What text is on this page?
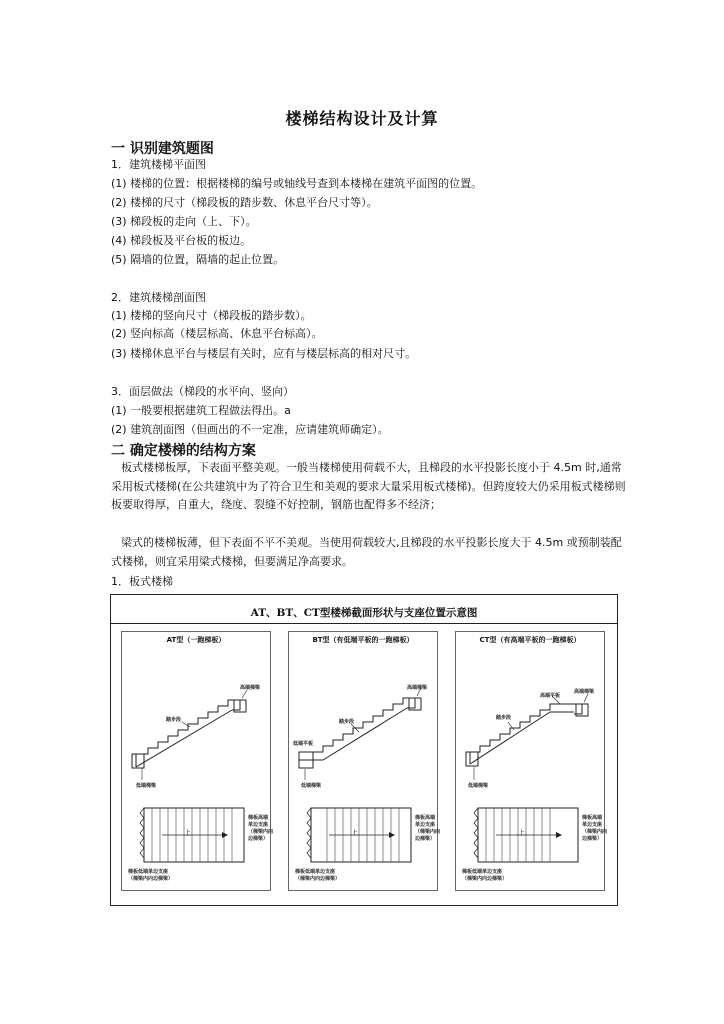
楼梯结构设计及计算
一 识别建筑题图
1．建筑楼梯平面图
(1) 楼梯的位置：根据楼梯的编号或轴线号查到本楼梯在建筑平面图的位置。
(2) 楼梯的尺寸（梯段板的踏步数、休息平台尺寸等）。
(3) 梯段板的走向（上、下）。
(4) 梯段板及平台板的板边。
(5) 隔墙的位置，隔墙的起止位置。
2．建筑楼梯剖面图
(1) 楼梯的竖向尺寸（梯段板的踏步数）。
(2) 竖向标高（楼层标高、休息平台标高）。
(3) 楼梯休息平台与楼层有关时，应有与楼层标高的相对尺寸。
3．面层做法（梯段的水平向、竖向）
(1) 一般要根据建筑工程做法得出。a
(2) 建筑剖面图（但画出的不一定准，应请建筑师确定）。
二 确定楼梯的结构方案
板式楼梯板厚，下表面平整美观。一般当楼梯使用荷载不大，且梯段的水平投影长度小于 4.5m 时,通常采用板式楼梯(在公共建筑中为了符合卫生和美观的要求大量采用板式楼梯)。但跨度较大仍采用板式楼梯则板要取得厚，自重大，绕度、裂缝不好控制，钢筋也配得多不经济；
梁式的楼梯板薄，但下表面不平不美观。当使用荷载较大,且梯段的水平投影长度大于 4.5m 或预制装配式楼梯，则宜采用梁式楼梯，但要满足净高要求。
1．板式楼梯
AT、BT、CT型楼梯截面形状与支座位置示意图
AT型（一跑梯板）
高端梯梁
踏步段
低端梯梁
上
梯板高端
单边支座
（梯梁内向
边梯梁）
梯板低端单边支座
（梯梁内向边梯梁）
BT型（有低端平板的一跑梯板）
高端梯梁
踏步段
低端平板
低端梯梁
上
梯板高端
单边支座
（梯梁内向
边梯梁）
梯板低端单边支座
（梯梁内向边梯梁）
CT型（有高端平板的一跑梯板）
高端梯梁
高端平板
踏步段
低端梯梁
上
梯板高端
单边支座
（梯梁内向
边梯梁）
梯板低端单边支座
（梯梁内向边梯梁）
